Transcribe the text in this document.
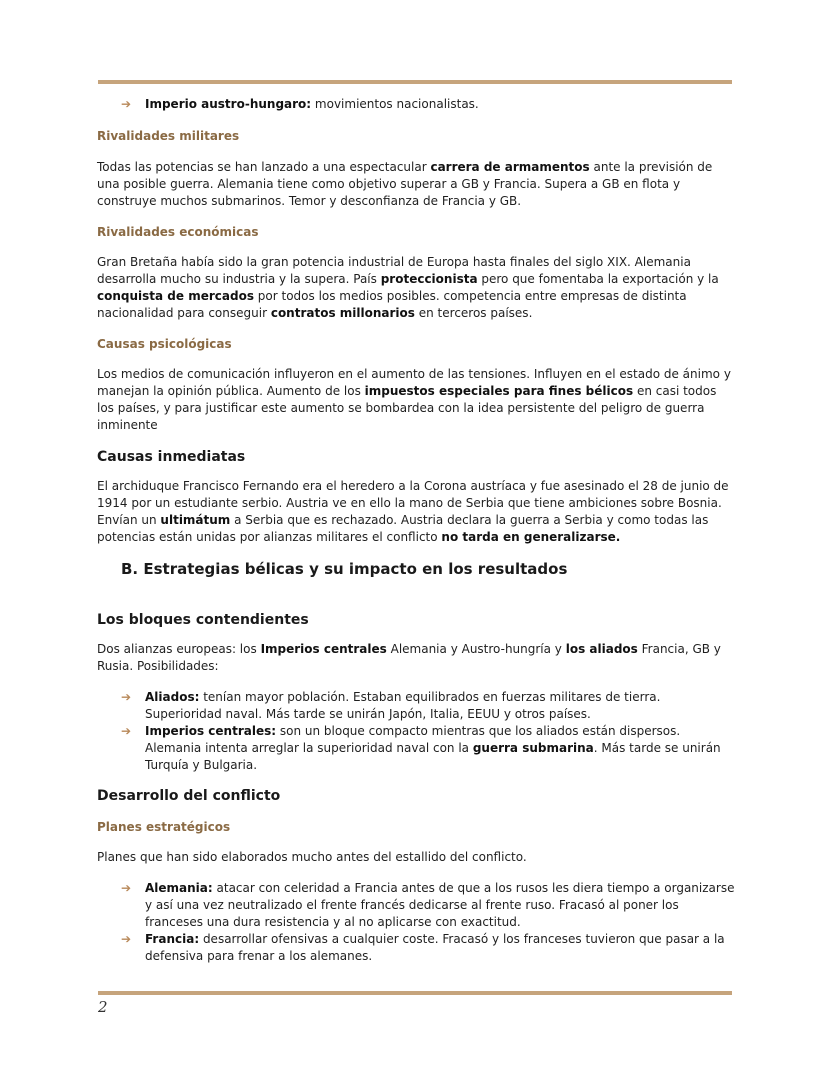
➔ Imperio austro-hungaro: movimientos nacionalistas.
Rivalidades militares

Todas las potencias se han lanzado a una espectacular carrera de armamentos ante la previsión de una posible guerra. Alemania tiene como objetivo superar a GB y Francia. Supera a GB en flota y construye muchos submarinos. Temor y desconfianza de Francia y GB.

Rivalidades económicas

Gran Bretaña había sido la gran potencia industrial de Europa hasta finales del siglo XIX. Alemania desarrolla mucho su industria y la supera. País proteccionista pero que fomentaba la exportación y la conquista de mercados por todos los medios posibles. competencia entre empresas de distinta nacionalidad para conseguir contratos millonarios en terceros países.

Causas psicológicas

Los medios de comunicación influyeron en el aumento de las tensiones. Influyen en el estado de ánimo y manejan la opinión pública. Aumento de los impuestos especiales para fines bélicos en casi todos los países, y para justificar este aumento se bombardea con la idea persistente del peligro de guerra inminente

Causas inmediatas

El archiduque Francisco Fernando era el heredero a la Corona austríaca y fue asesinado el 28 de junio de 1914 por un estudiante serbio. Austria ve en ello la mano de Serbia que tiene ambiciones sobre Bosnia. Envían un ultimátum a Serbia que es rechazado. Austria declara la guerra a Serbia y como todas las potencias están unidas por alianzas militares el conflicto no tarda en generalizarse.

B. Estrategias bélicas y su impacto en los resultados
Los bloques contendientes

Dos alianzas europeas: los Imperios centrales Alemania y Austro-hungría y los aliados Francia, GB y Rusia. Posibilidades:

➔ Aliados: tenían mayor población. Estaban equilibrados en fuerzas militares de tierra. Superioridad naval. Más tarde se unirán Japón, Italia, EEUU y otros países.
➔ Imperios centrales: son un bloque compacto mientras que los aliados están dispersos. Alemania intenta arreglar la superioridad naval con la guerra submarina. Más tarde se unirán Turquía y Bulgaria.
Desarrollo del conflicto
Planes estratégicos

Planes que han sido elaborados mucho antes del estallido del conflicto.

➔ Alemania: atacar con celeridad a Francia antes de que a los rusos les diera tiempo a organizarse y así una vez neutralizado el frente francés dedicarse al frente ruso. Fracasó al poner los franceses una dura resistencia y al no aplicarse con exactitud.
➔ Francia: desarrollar ofensivas a cualquier coste. Fracasó y los franceses tuvieron que pasar a la defensiva para frenar a los alemanes.
2
